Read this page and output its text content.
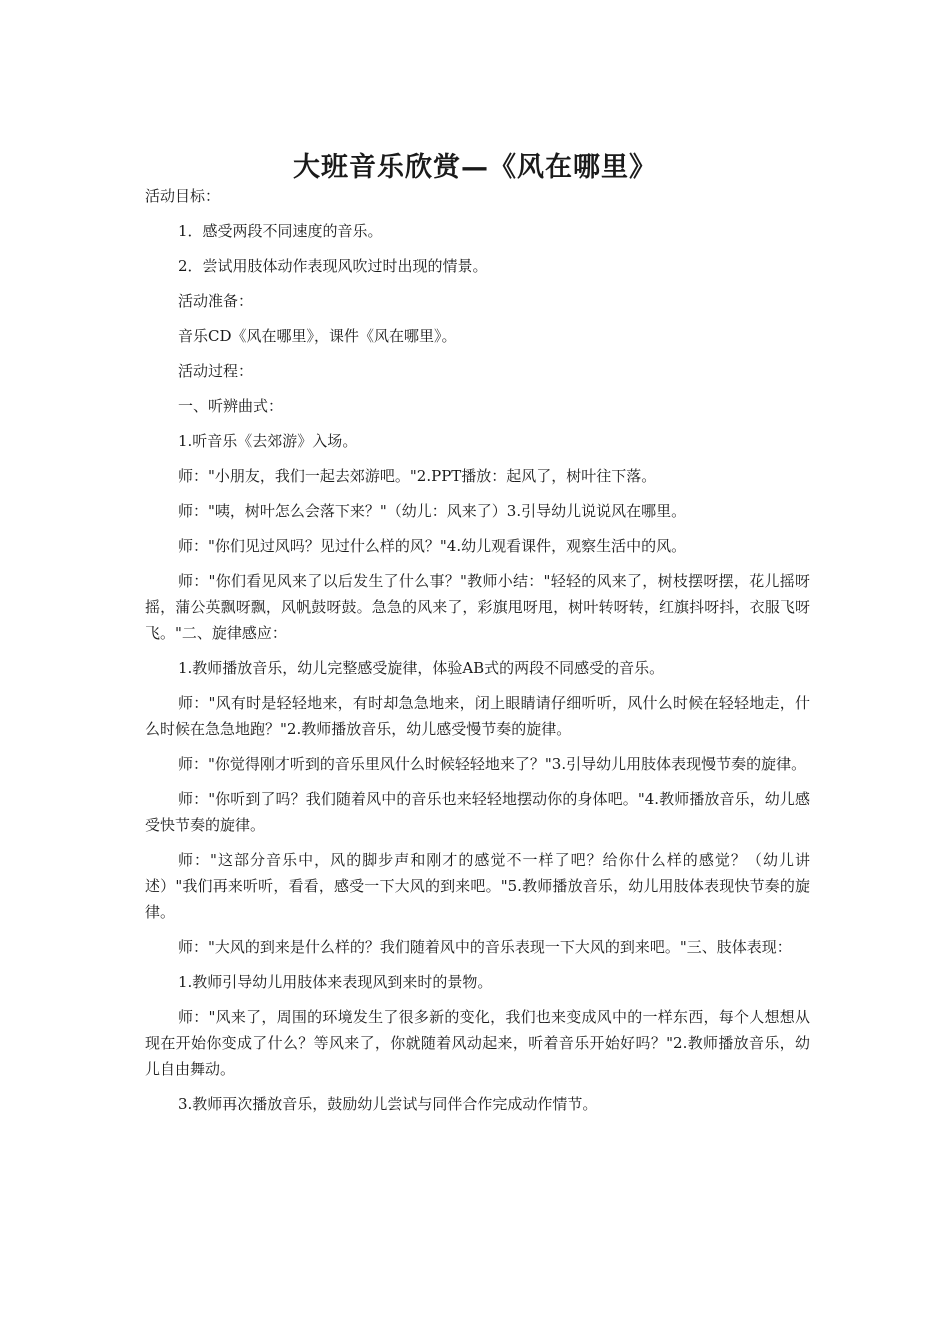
大班音乐欣赏—《风在哪里》

活动目标：

1．感受两段不同速度的音乐。

2．尝试用肢体动作表现风吹过时出现的情景。

活动准备：

音乐CD《风在哪里》，课件《风在哪里》。

活动过程：

一、听辨曲式：

1.听音乐《去郊游》入场。

师："小朋友，我们一起去郊游吧。"2.PPT播放：起风了，树叶往下落。

师："咦，树叶怎么会落下来？"（幼儿：风来了）3.引导幼儿说说风在哪里。

师："你们见过风吗？见过什么样的风？"4.幼儿观看课件，观察生活中的风。

师："你们看见风来了以后发生了什么事？"教师小结："轻轻的风来了，树枝摆呀摆，花儿摇呀摇，蒲公英飘呀飘，风帆鼓呀鼓。急急的风来了，彩旗甩呀甩，树叶转呀转，红旗抖呀抖，衣服飞呀飞。"二、旋律感应：

1.教师播放音乐，幼儿完整感受旋律，体验AB式的两段不同感受的音乐。

师："风有时是轻轻地来，有时却急急地来，闭上眼睛请仔细听听，风什么时候在轻轻地走，什么时候在急急地跑？"2.教师播放音乐，幼儿感受慢节奏的旋律。

师："你觉得刚才听到的音乐里风什么时候轻轻地来了？"3.引导幼儿用肢体表现慢节奏的旋律。

师："你听到了吗？我们随着风中的音乐也来轻轻地摆动你的身体吧。"4.教师播放音乐，幼儿感受快节奏的旋律。

师："这部分音乐中，风的脚步声和刚才的感觉不一样了吧？给你什么样的感觉？（幼儿讲述）"我们再来听听，看看，感受一下大风的到来吧。"5.教师播放音乐，幼儿用肢体表现快节奏的旋律。

师："大风的到来是什么样的？我们随着风中的音乐表现一下大风的到来吧。"三、肢体表现：

1.教师引导幼儿用肢体来表现风到来时的景物。

师："风来了，周围的环境发生了很多新的变化，我们也来变成风中的一样东西，每个人想想从现在开始你变成了什么？等风来了，你就随着风动起来，听着音乐开始好吗？"2.教师播放音乐，幼儿自由舞动。

3.教师再次播放音乐，鼓励幼儿尝试与同伴合作完成动作情节。
